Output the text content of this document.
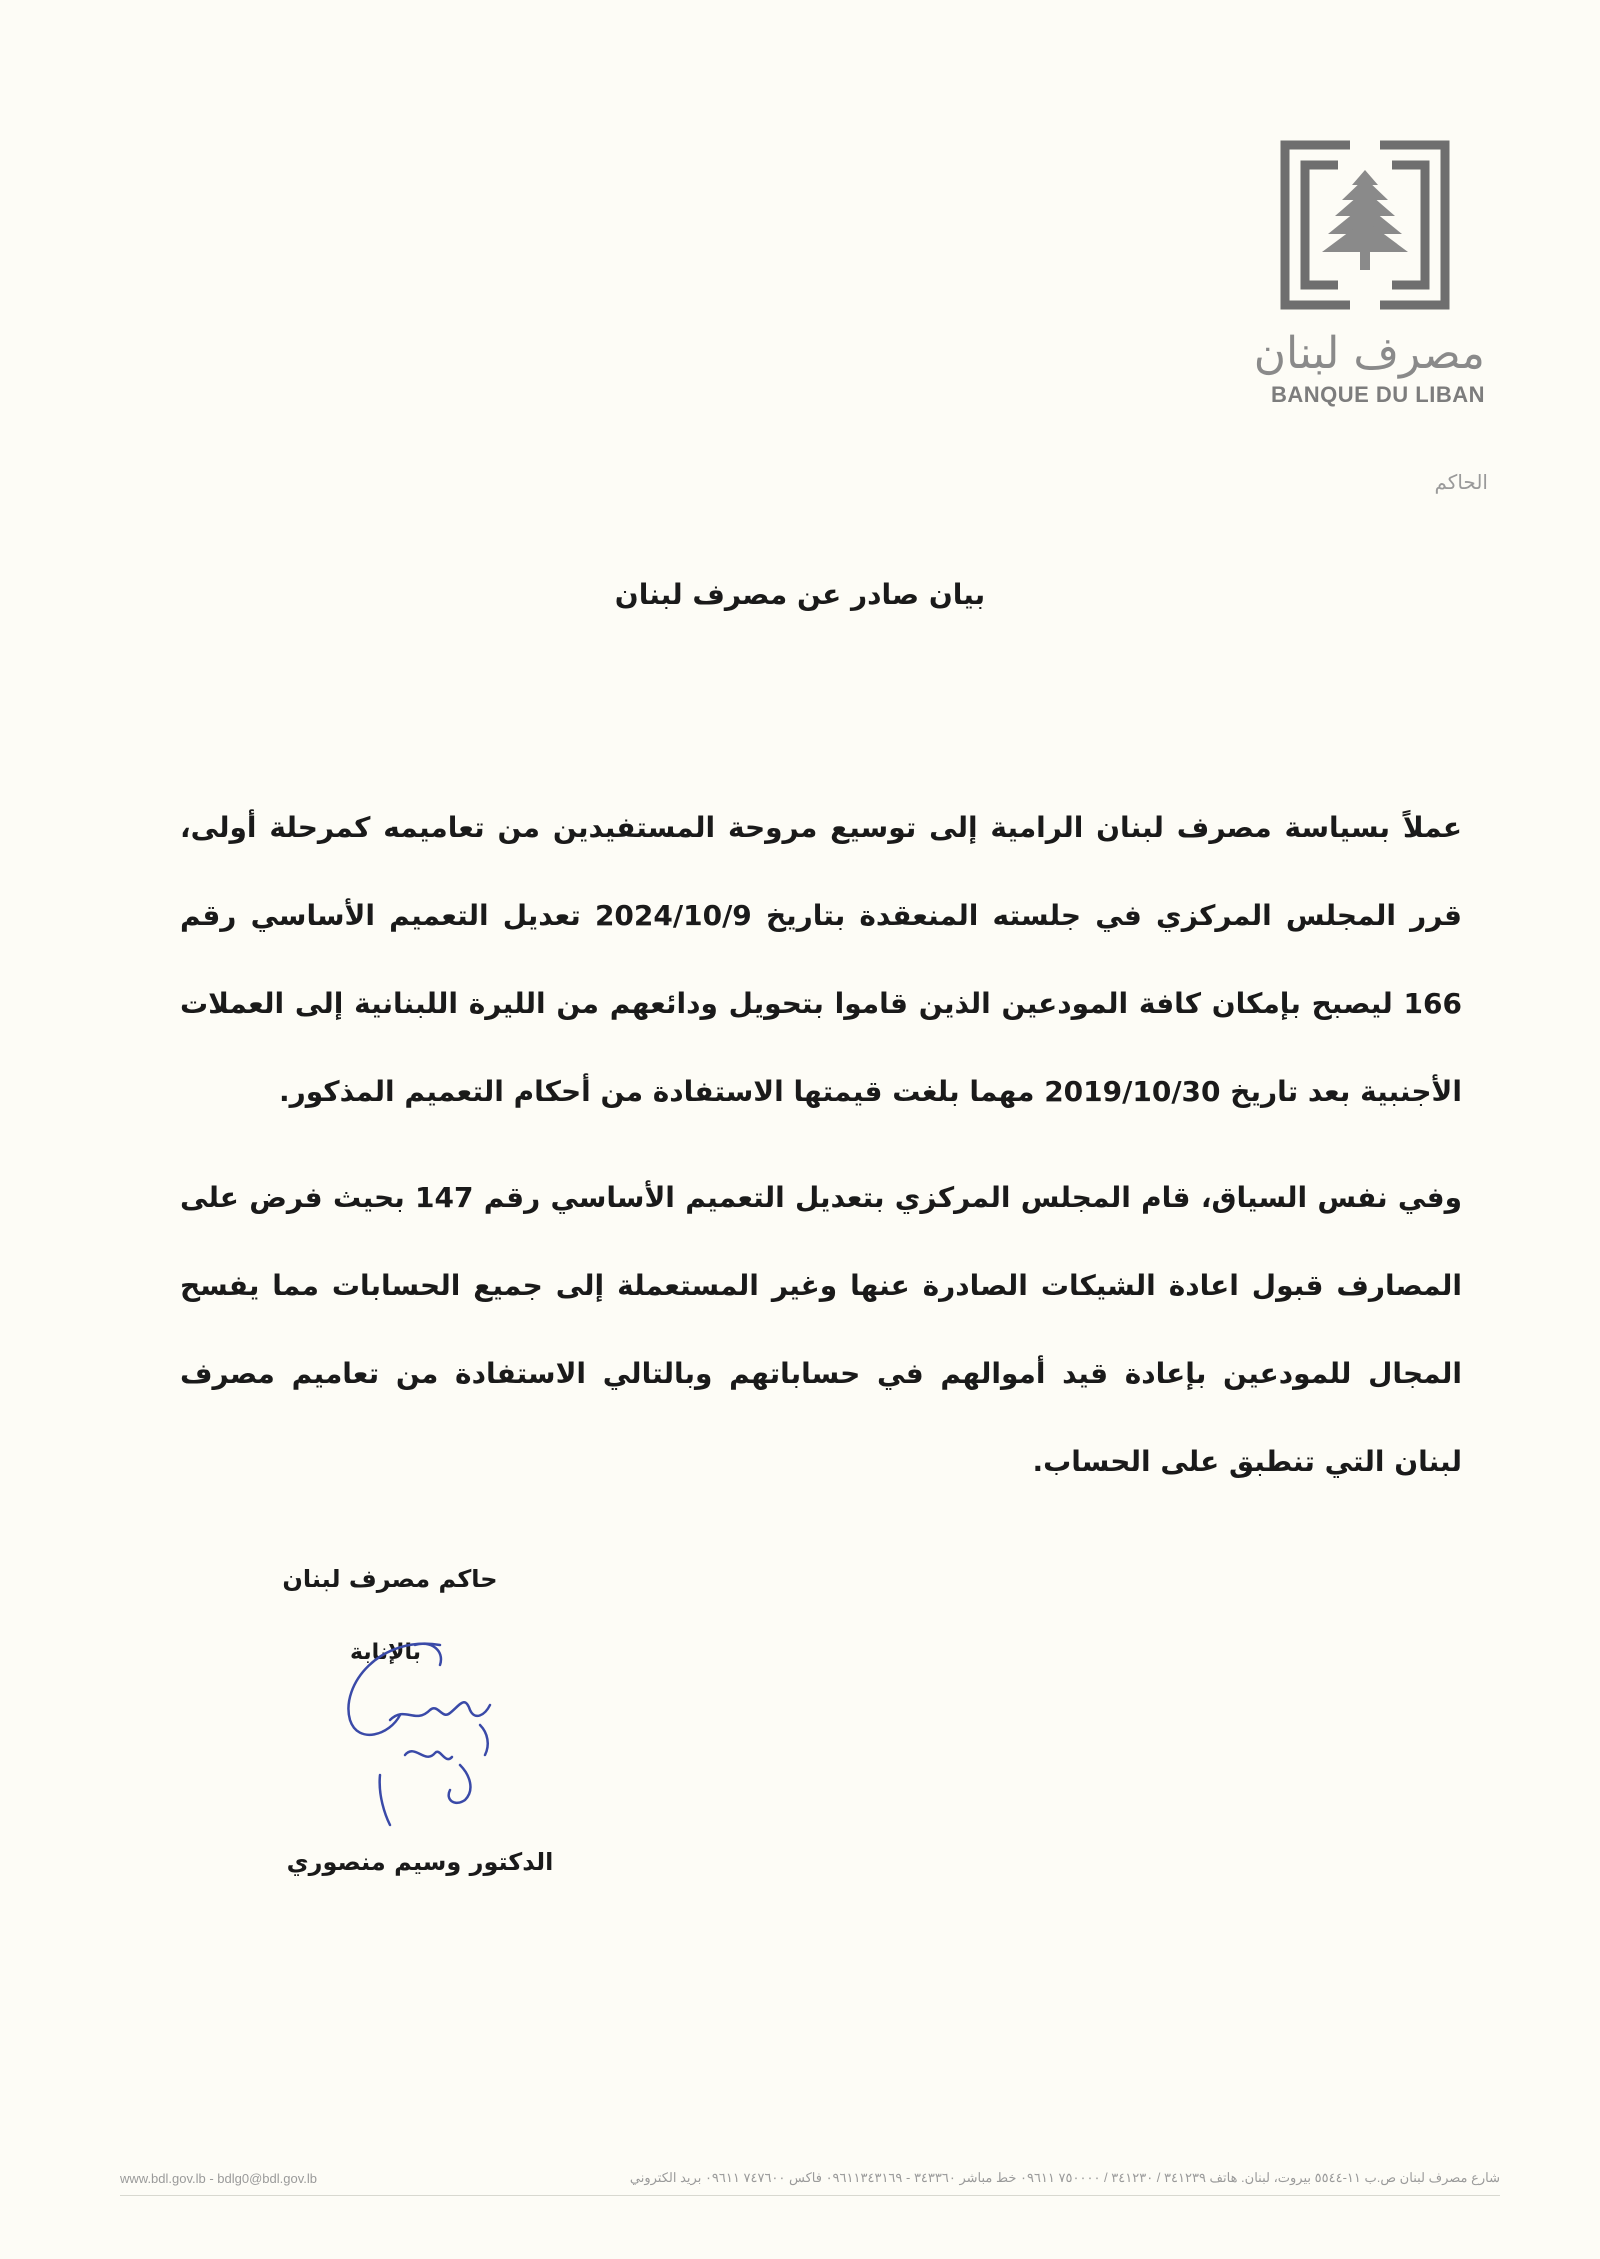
مصرف لبنان
BANQUE DU LIBAN
الحاكم
بيان صادر عن مصرف لبنان

عملاً بسياسة مصرف لبنان الرامية إلى توسيع مروحة المستفيدين من تعاميمه كمرحلة أولى، قرر المجلس المركزي في جلسته المنعقدة بتاريخ 2024/10/9 تعديل التعميم الأساسي رقم 166 ليصبح بإمكان كافة المودعين الذين قاموا بتحويل ودائعهم من الليرة اللبنانية إلى العملات الأجنبية بعد تاريخ 2019/10/30 مهما بلغت قيمتها الاستفادة من أحكام التعميم المذكور.

وفي نفس السياق، قام المجلس المركزي بتعديل التعميم الأساسي رقم 147 بحيث فرض على المصارف قبول اعادة الشيكات الصادرة عنها وغير المستعملة إلى جميع الحسابات مما يفسح المجال للمودعين بإعادة قيد أموالهم في حساباتهم وبالتالي الاستفادة من تعاميم مصرف لبنان التي تنطبق على الحساب.

حاكم مصرف لبنان
بالإنابة
الدكتور وسيم منصوري
www.bdl.gov.lb - bdlg0@bdl.gov.lb	شارع مصرف لبنان ص.ب ١١-٥٥٤٤ بيروت، لبنان. هاتف ٣٤١٢٣٩ / ٣٤١٢٣٠ / ٧٥٠٠٠٠ ٠٩٦١١ خط مباشر ٣٤٣٣٦٠ - ٠٩٦١١٣٤٣١٦٩ فاكس ٧٤٧٦٠٠ ٠٩٦١١ بريد الكتروني
